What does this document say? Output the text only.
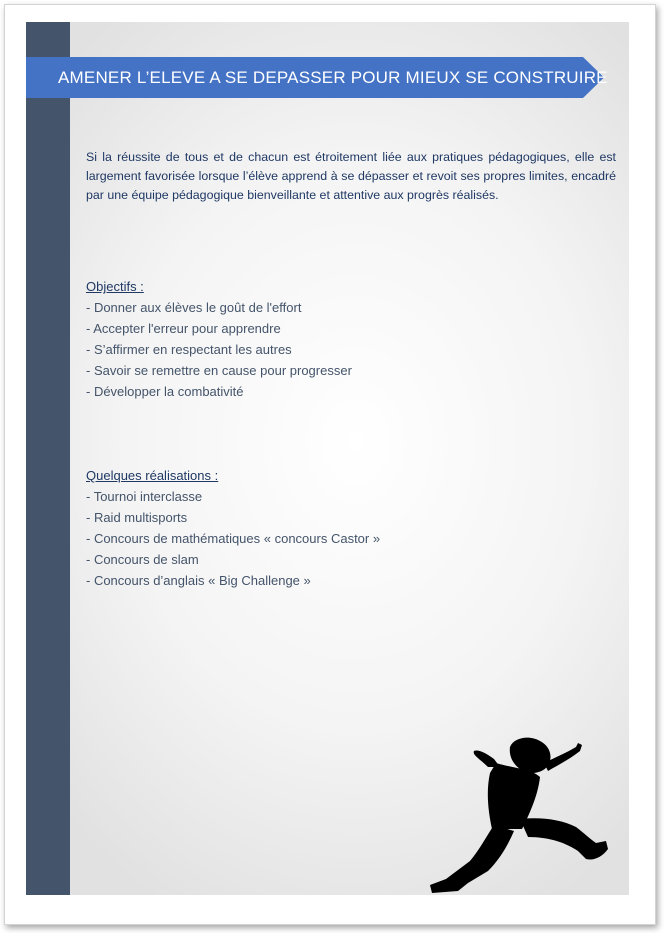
AMENER L’ELEVE A SE DEPASSER POUR MIEUX SE CONSTRUIRE

Si la réussite de tous et de chacun est étroitement liée aux pratiques pédagogiques, elle est largement favorisée lorsque l’élève apprend à se dépasser et revoit ses propres limites, encadré par une équipe pédagogique bienveillante et attentive aux progrès réalisés.

Objectifs :
- Donner aux élèves le goût de l'effort
- Accepter l'erreur pour apprendre
- S’affirmer en respectant les autres
- Savoir se remettre en cause pour progresser
- Développer la combativité
Quelques réalisations :
- Tournoi interclasse
- Raid multisports
- Concours de mathématiques « concours Castor »
- Concours de slam
- Concours d’anglais « Big Challenge »
